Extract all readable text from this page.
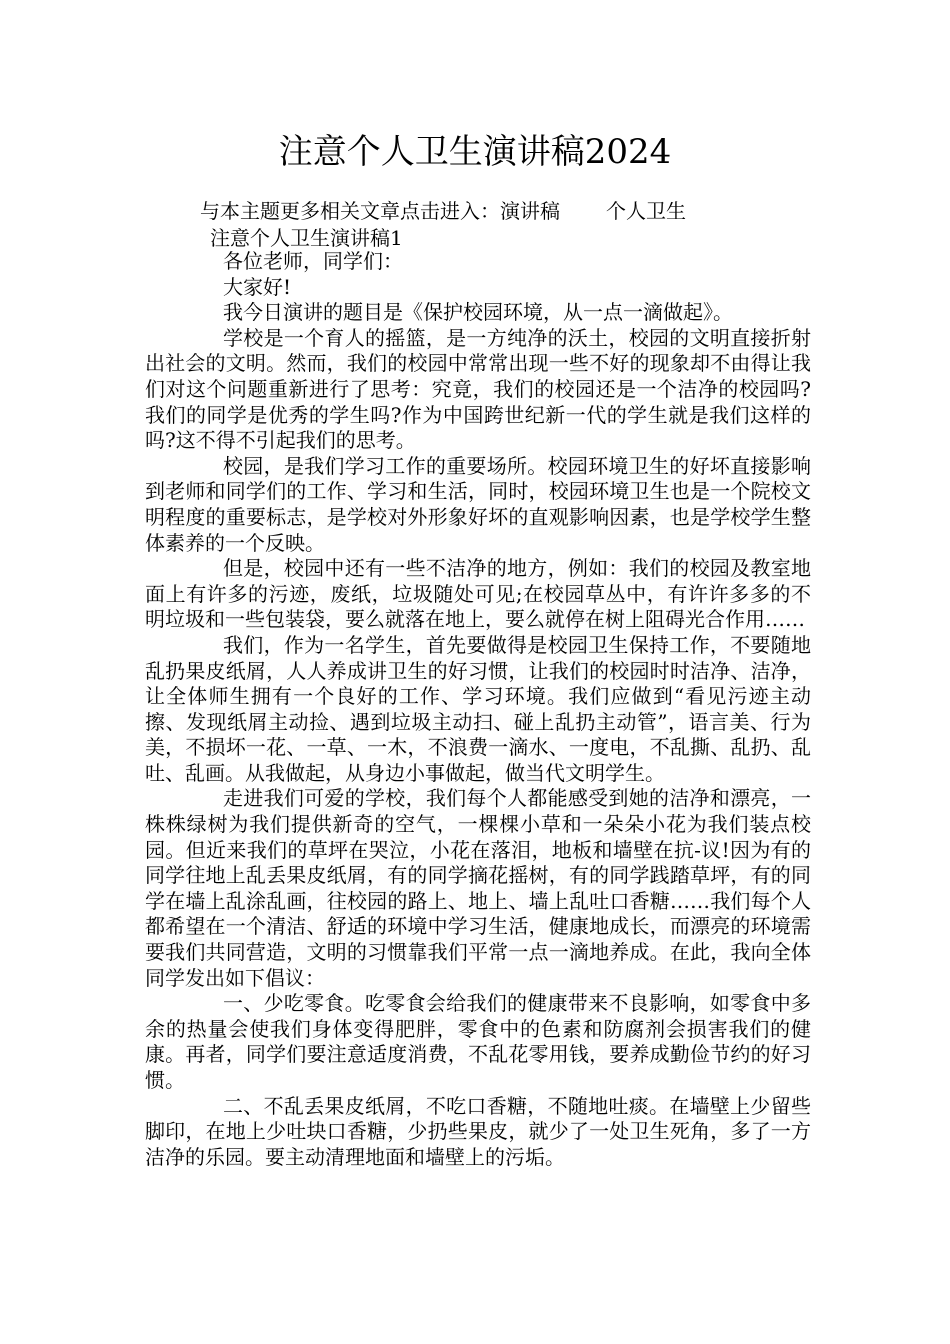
注意个人卫生演讲稿2024
与本主题更多相关文章点击进入：演讲稿 个人卫生
注意个人卫生演讲稿1

各位老师，同学们：

大家好!

我今日演讲的题目是《保护校园环境，从一点一滴做起》。

学校是一个育人的摇篮，是一方纯净的沃土，校园的文明直接折射出社会的文明。然而，我们的校园中常常出现一些不好的现象却不由得让我们对这个问题重新进行了思考：究竟，我们的校园还是一个洁净的校园吗?我们的同学是优秀的学生吗?作为中国跨世纪新一代的学生就是我们这样的吗?这不得不引起我们的思考。

校园，是我们学习工作的重要场所。校园环境卫生的好坏直接影响到老师和同学们的工作、学习和生活，同时，校园环境卫生也是一个院校文明程度的重要标志，是学校对外形象好坏的直观影响因素，也是学校学生整体素养的一个反映。

但是，校园中还有一些不洁净的地方，例如：我们的校园及教室地面上有许多的污迹，废纸，垃圾随处可见;在校园草丛中，有许许多多的不明垃圾和一些包装袋，要么就落在地上，要么就停在树上阻碍光合作用……

我们，作为一名学生，首先要做得是校园卫生保持工作，不要随地乱扔果皮纸屑，人人养成讲卫生的好习惯，让我们的校园时时洁净、洁净，让全体师生拥有一个良好的工作、学习环境。我们应做到“看见污迹主动擦、发现纸屑主动捡、遇到垃圾主动扫、碰上乱扔主动管”，语言美、行为美，不损坏一花、一草、一木，不浪费一滴水、一度电，不乱撕、乱扔、乱吐、乱画。从我做起，从身边小事做起，做当代文明学生。

走进我们可爱的学校，我们每个人都能感受到她的洁净和漂亮，一株株绿树为我们提供新奇的空气，一棵棵小草和一朵朵小花为我们装点校园。但近来我们的草坪在哭泣，小花在落泪，地板和墙壁在抗-议!因为有的同学往地上乱丢果皮纸屑，有的同学摘花摇树，有的同学践踏草坪，有的同学在墙上乱涂乱画，往校园的路上、地上、墙上乱吐口香糖……我们每个人都希望在一个清洁、舒适的环境中学习生活，健康地成长，而漂亮的环境需要我们共同营造，文明的习惯靠我们平常一点一滴地养成。在此，我向全体同学发出如下倡议：

一、少吃零食。吃零食会给我们的健康带来不良影响，如零食中多余的热量会使我们身体变得肥胖，零食中的色素和防腐剂会损害我们的健康。再者，同学们要注意适度消费，不乱花零用钱，要养成勤俭节约的好习惯。

二、不乱丢果皮纸屑，不吃口香糖，不随地吐痰。在墙壁上少留些脚印，在地上少吐块口香糖，少扔些果皮，就少了一处卫生死角，多了一方洁净的乐园。要主动清理地面和墙壁上的污垢。
